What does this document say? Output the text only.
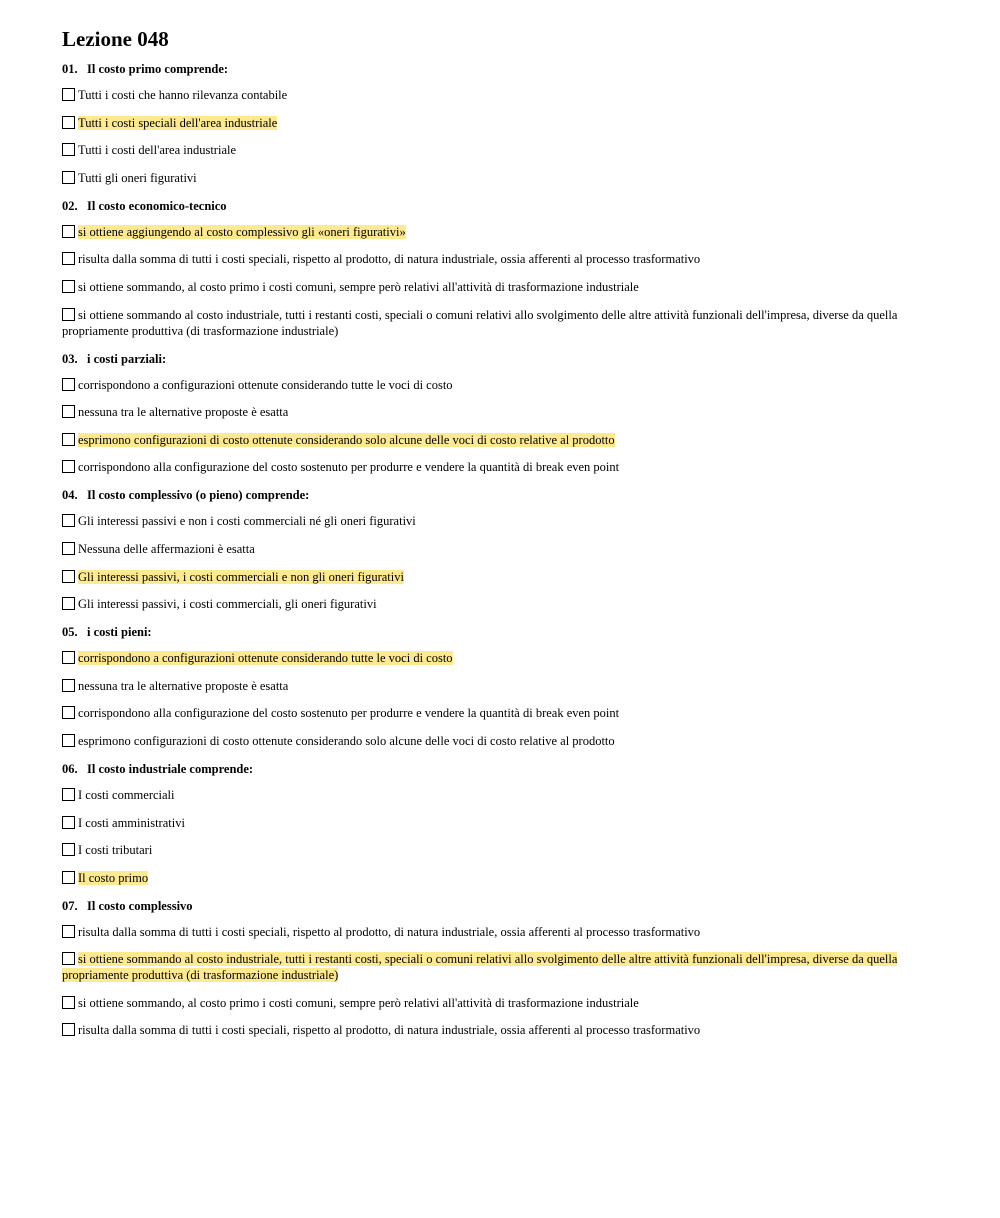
Lezione 048
01. Il costo primo comprende:
Tutti i costi che hanno rilevanza contabile
Tutti i costi speciali dell'area industriale
Tutti i costi dell'area industriale
Tutti gli oneri figurativi
02. Il costo economico-tecnico
si ottiene aggiungendo al costo complessivo gli «oneri figurativi»
risulta dalla somma di tutti i costi speciali, rispetto al prodotto, di natura industriale, ossia afferenti al processo trasformativo
si ottiene sommando, al costo primo i costi comuni, sempre però relativi all'attività di trasformazione industriale
si ottiene sommando al costo industriale, tutti i restanti costi, speciali o comuni relativi allo svolgimento delle altre attività funzionali dell'impresa, diverse da quella propriamente produttiva (di trasformazione industriale)
03. i costi parziali:
corrispondono a configurazioni ottenute considerando tutte le voci di costo
nessuna tra le alternative proposte è esatta
esprimono configurazioni di costo ottenute considerando solo alcune delle voci di costo relative al prodotto
corrispondono alla configurazione del costo sostenuto per produrre e vendere la quantità di break even point
04. Il costo complessivo (o pieno) comprende:
Gli interessi passivi e non i costi commerciali né gli oneri figurativi
Nessuna delle affermazioni è esatta
Gli interessi passivi, i costi commerciali e non gli oneri figurativi
Gli interessi passivi, i costi commerciali, gli oneri figurativi
05. i costi pieni:
corrispondono a configurazioni ottenute considerando tutte le voci di costo
nessuna tra le alternative proposte è esatta
corrispondono alla configurazione del costo sostenuto per produrre e vendere la quantità di break even point
esprimono configurazioni di costo ottenute considerando solo alcune delle voci di costo relative al prodotto
06. Il costo industriale comprende:
I costi commerciali
I costi amministrativi
I costi tributari
Il costo primo
07. Il costo complessivo
risulta dalla somma di tutti i costi speciali, rispetto al prodotto, di natura industriale, ossia afferenti al processo trasformativo
si ottiene sommando al costo industriale, tutti i restanti costi, speciali o comuni relativi allo svolgimento delle altre attività funzionali dell'impresa, diverse da quella propriamente produttiva (di trasformazione industriale)
si ottiene sommando, al costo primo i costi comuni, sempre però relativi all'attività di trasformazione industriale
risulta dalla somma di tutti i costi speciali, rispetto al prodotto, di natura industriale, ossia afferenti al processo trasformativo
